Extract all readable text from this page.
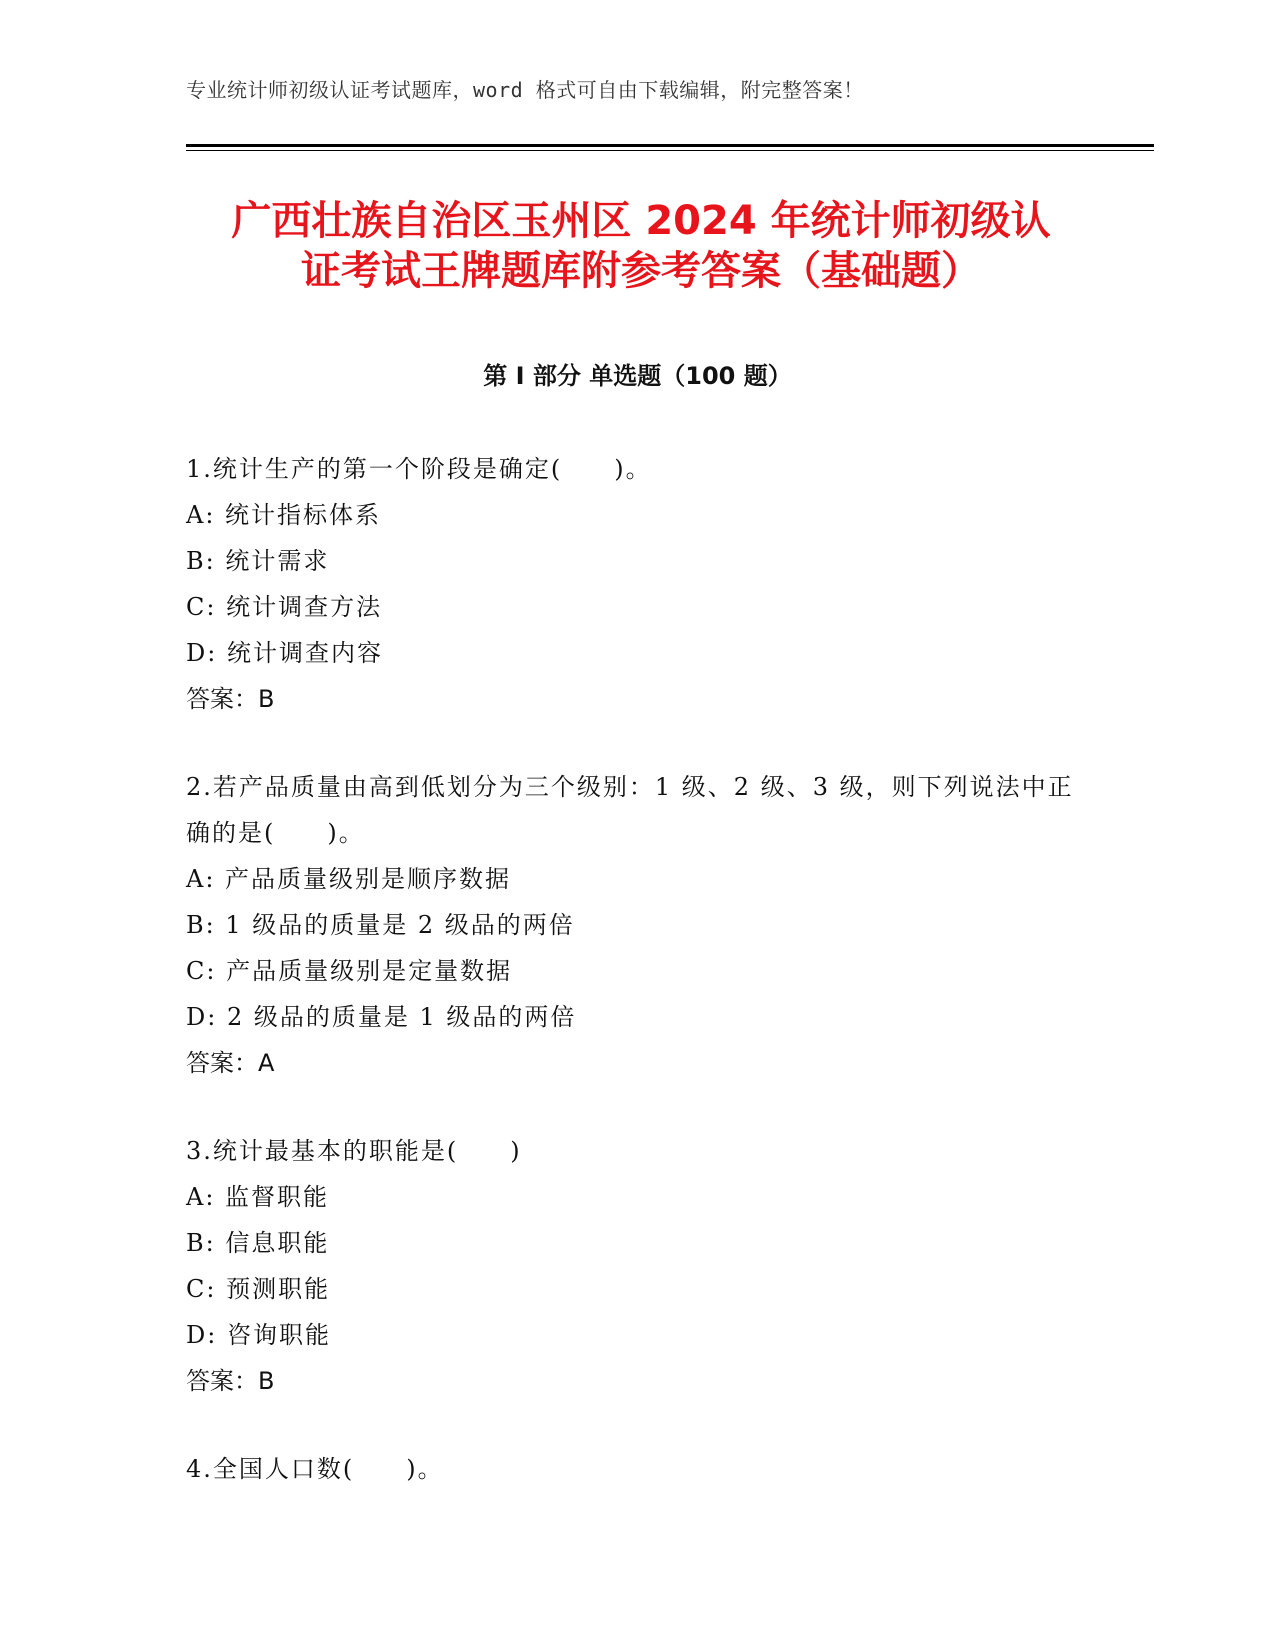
专业统计师初级认证考试题库，word 格式可自由下载编辑，附完整答案！
广西壮族自治区玉州区 2024 年统计师初级认
证考试王牌题库附参考答案（基础题）
第 I 部分 单选题（100 题）
1.统计生产的第一个阶段是确定(　　)。
A: 统计指标体系
B: 统计需求
C: 统计调查方法
D: 统计调查内容
答案：B
2.若产品质量由高到低划分为三个级别：1 级、2 级、3 级，则下列说法中正确的是(　　)。
A: 产品质量级别是顺序数据
B: 1 级品的质量是 2 级品的两倍
C: 产品质量级别是定量数据
D: 2 级品的质量是 1 级品的两倍
答案：A
3.统计最基本的职能是(　　)
A: 监督职能
B: 信息职能
C: 预测职能
D: 咨询职能
答案：B
4.全国人口数(　　)。
